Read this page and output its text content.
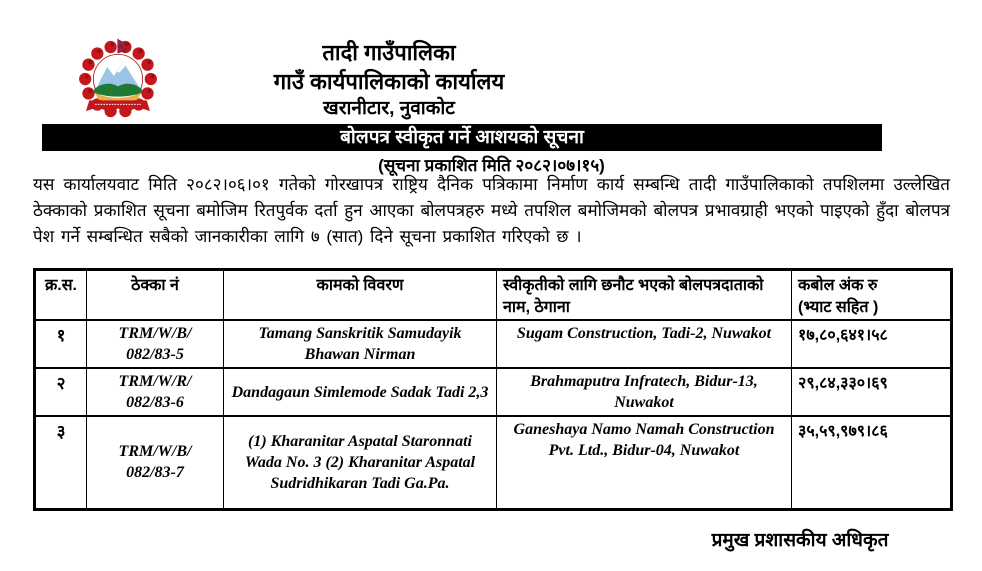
तादी गाउँपालिका
गाउँ कार्यपालिकाको कार्यालय
खरानीटार, नुवाकोट
बोलपत्र स्वीकृत गर्ने आशयको सूचना
(सूचना प्रकाशित मिति २०८२।०७।१५)
यस कार्यालयवाट मिति २०८२।०६।०१ गतेको गोरखापत्र राष्ट्रिय दैनिक पत्रिकामा निर्माण कार्य सम्बन्धि तादी गाउँपालिकाको तपशिलमा उल्लेखित ठेक्काको प्रकाशित सूचना बमोजिम रितपुर्वक दर्ता हुन आएका बोलपत्रहरु मध्ये तपशिल बमोजिमको बोलपत्र प्रभावग्राही भएको पाइएको हुँदा बोलपत्र पेश गर्ने सम्बन्धित सबैको जानकारीका लागि ७ (सात) दिने सूचना प्रकाशित गरिएको छ ।
क्र.स.	ठेक्का नं	कामको विवरण	स्वीकृतीको लागि छनौट भएको बोलपत्रदाताको नाम, ठेगाना	कबोल अंक रु
(भ्याट सहित )
१	TRM/W/B/
082/83-5	Tamang Sanskritik Samudayik Bhawan Nirman	Sugam Construction, Tadi-2, Nuwakot	१७,८०,६४१।५८
२	TRM/W/R/
082/83-6	Dandagaun Simlemode Sadak Tadi 2,3	Brahmaputra Infratech, Bidur-13, Nuwakot	२९,८४,३३०।६९
३	TRM/W/B/
082/83-7	(1) Kharanitar Aspatal Staronnati Wada No. 3 (2) Kharanitar Aspatal Sudridhikaran Tadi Ga.Pa.	Ganeshaya Namo Namah Construction Pvt. Ltd., Bidur-04, Nuwakot	३५,५९,९७९।८६
प्रमुख प्रशासकीय अधिकृत
